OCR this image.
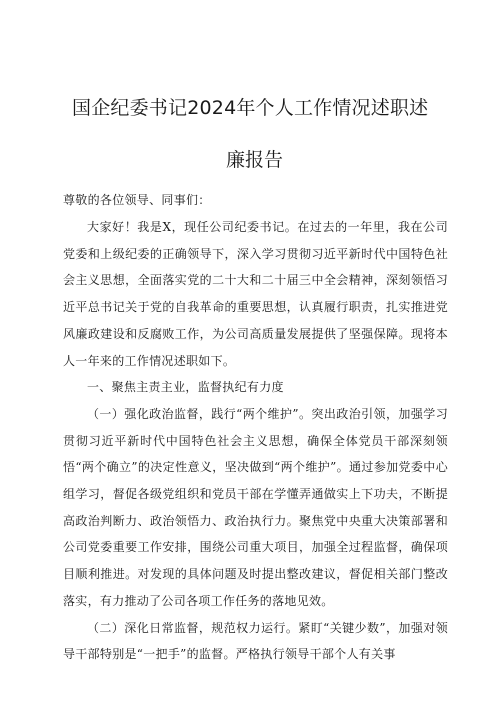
国企纪委书记2024年个人工作情况述职述
廉报告
尊敬的各位领导、同事们：

大家好！我是X，现任公司纪委书记。在过去的一年里，我在公司党委和上级纪委的正确领导下，深入学习贯彻习近平新时代中国特色社会主义思想，全面落实党的二十大和二十届三中全会精神，深刻领悟习近平总书记关于党的自我革命的重要思想，认真履行职责，扎实推进党风廉政建设和反腐败工作，为公司高质量发展提供了坚强保障。现将本人一年来的工作情况述职如下。

一、聚焦主责主业，监督执纪有力度

（一）强化政治监督，践行“两个维护”。突出政治引领，加强学习贯彻习近平新时代中国特色社会主义思想，确保全体党员干部深刻领悟“两个确立”的决定性意义，坚决做到“两个维护”。通过参加党委中心组学习，督促各级党组织和党员干部在学懂弄通做实上下功夫，不断提高政治判断力、政治领悟力、政治执行力。聚焦党中央重大决策部署和公司党委重要工作安排，围绕公司重大项目，加强全过程监督，确保项目顺利推进。对发现的具体问题及时提出整改建议，督促相关部门整改落实，有力推动了公司各项工作任务的落地见效。

（二）深化日常监督，规范权力运行。紧盯“关键少数”，加强对领导干部特别是“一把手”的监督。严格执行领导干部个人有关事
